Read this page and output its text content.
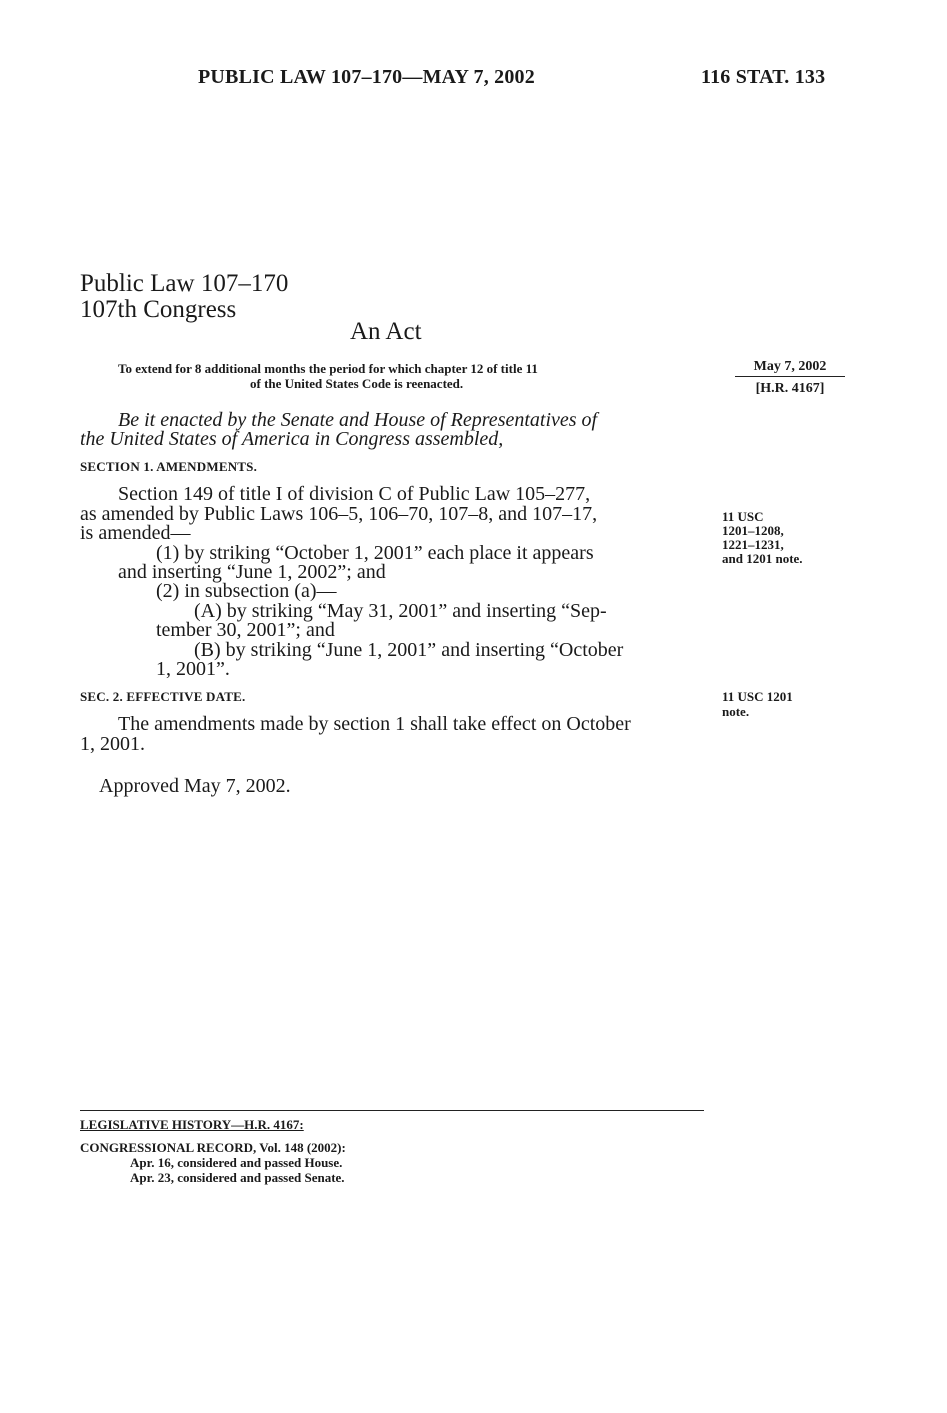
PUBLIC LAW 107–170—MAY 7, 2002	116 STAT. 133
Public Law 107–170
107th Congress
An Act
To extend for 8 additional months the period for which chapter 12 of title 11
of the United States Code is reenacted.
May 7, 2002
[H.R. 4167]
Be it enacted by the Senate and House of Representatives of
the United States of America in Congress assembled,
SECTION 1. AMENDMENTS.
Section 149 of title I of division C of Public Law 105–277,
as amended by Public Laws 106–5, 106–70, 107–8, and 107–17,
is amended—
(1) by striking “October 1, 2001” each place it appears
and inserting “June 1, 2002”; and
(2) in subsection (a)—
(A) by striking “May 31, 2001” and inserting “Sep-
tember 30, 2001”; and
(B) by striking “June 1, 2001” and inserting “October
1, 2001”.
11 USC
1201–1208,
1221–1231,
and 1201 note.
SEC. 2. EFFECTIVE DATE.
The amendments made by section 1 shall take effect on October
1, 2001.
11 USC 1201
note.
Approved May 7, 2002.
LEGISLATIVE HISTORY—H.R. 4167:
CONGRESSIONAL RECORD, Vol. 148 (2002):
Apr. 16, considered and passed House.
Apr. 23, considered and passed Senate.
